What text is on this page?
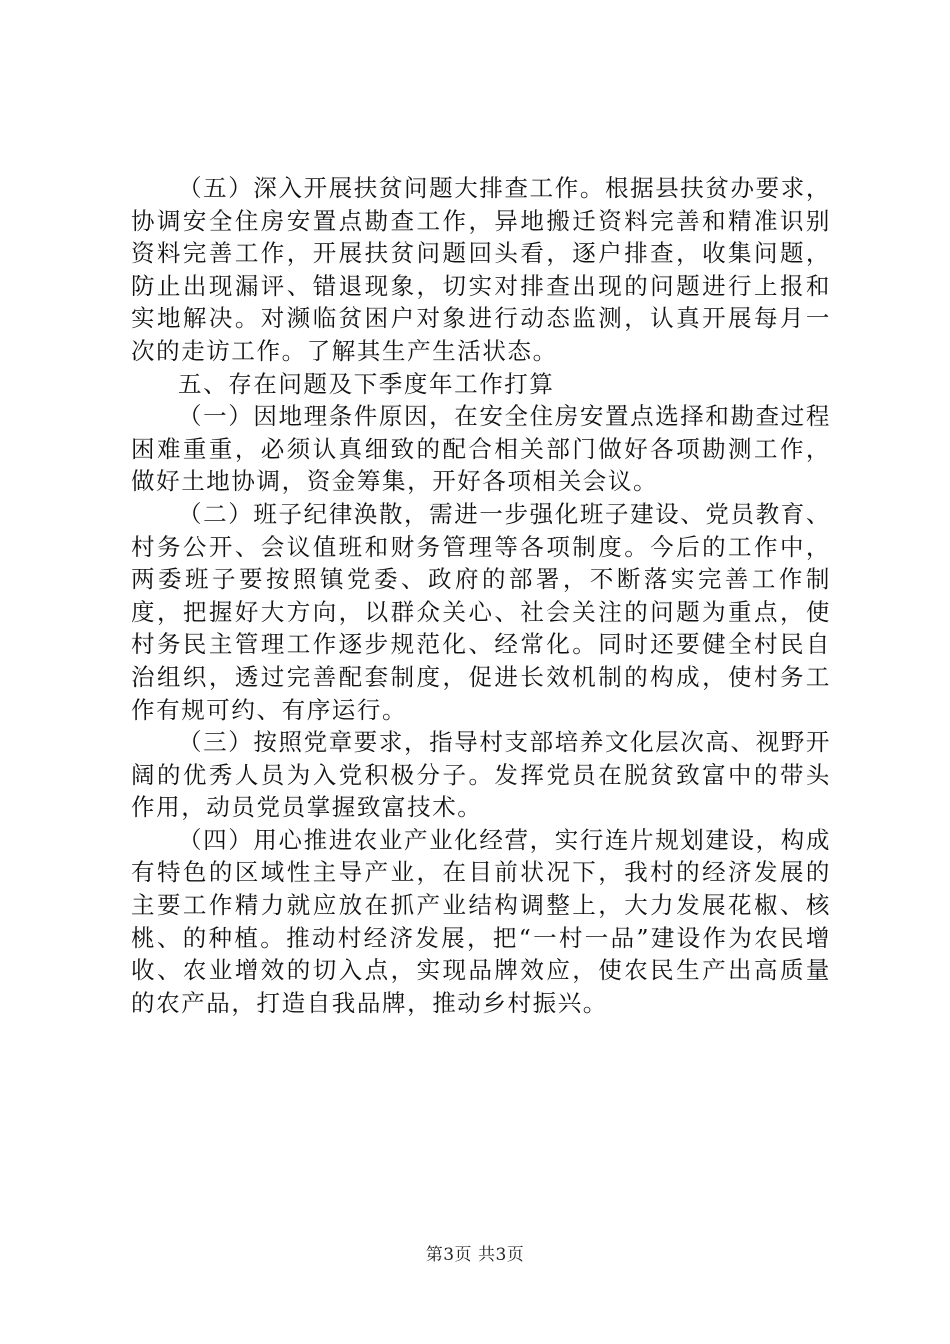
（五）深入开展扶贫问题大排查工作。根据县扶贫办要求，协调安全住房安置点勘查工作，异地搬迁资料完善和精准识别资料完善工作，开展扶贫问题回头看，逐户排查，收集问题，防止出现漏评、错退现象，切实对排查出现的问题进行上报和实地解决。对濒临贫困户对象进行动态监测，认真开展每月一次的走访工作。了解其生产生活状态。

五、存在问题及下季度年工作打算

（一）因地理条件原因，在安全住房安置点选择和勘查过程困难重重，必须认真细致的配合相关部门做好各项勘测工作，做好土地协调，资金筹集，开好各项相关会议。

（二）班子纪律涣散，需进一步强化班子建设、党员教育、村务公开、会议值班和财务管理等各项制度。今后的工作中，两委班子要按照镇党委、政府的部署，不断落实完善工作制度，把握好大方向，以群众关心、社会关注的问题为重点，使村务民主管理工作逐步规范化、经常化。同时还要健全村民自治组织，透过完善配套制度，促进长效机制的构成，使村务工作有规可约、有序运行。

（三）按照党章要求，指导村支部培养文化层次高、视野开阔的优秀人员为入党积极分子。发挥党员在脱贫致富中的带头作用，动员党员掌握致富技术。

（四）用心推进农业产业化经营，实行连片规划建设，构成有特色的区域性主导产业，在目前状况下，我村的经济发展的主要工作精力就应放在抓产业结构调整上，大力发展花椒、核桃、的种植。推动村经济发展，把“一村一品”建设作为农民增收、农业增效的切入点，实现品牌效应，使农民生产出高质量的农产品，打造自我品牌，推动乡村振兴。

第3页 共3页
